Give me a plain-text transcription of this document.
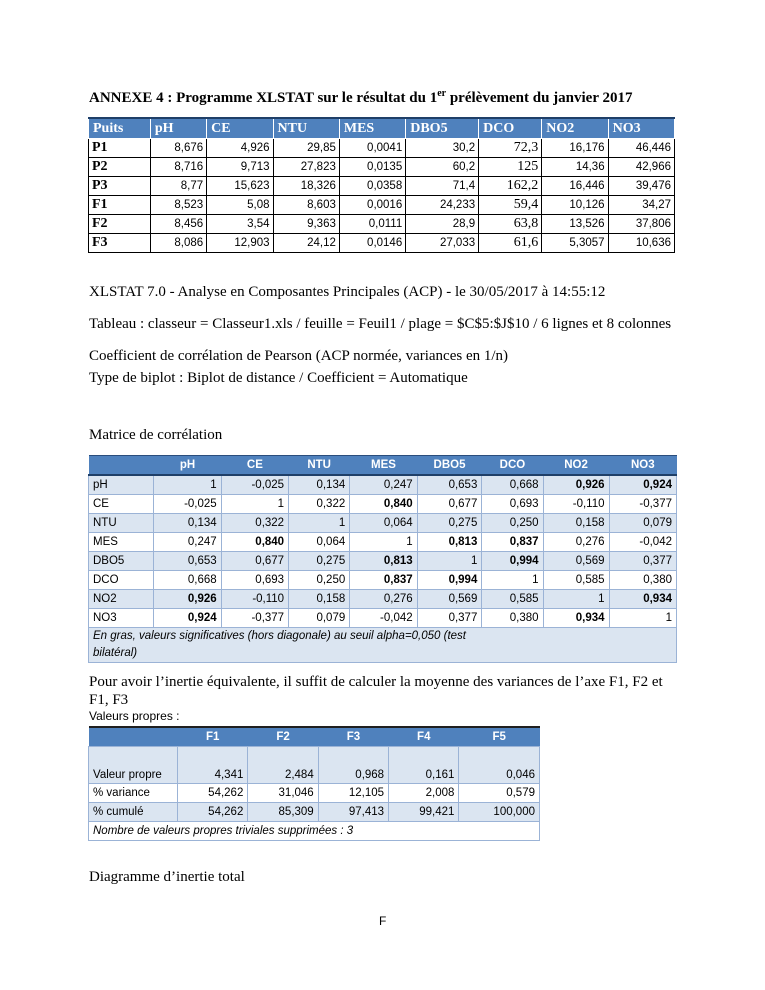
ANNEXE 4 : Programme XLSTAT sur le résultat du 1er prélèvement du janvier 2017
Puits	pH	CE	NTU	MES	DBO5	DCO	NO2	NO3
P1	8,676	4,926	29,85	0,0041	30,2	72,3	16,176	46,446
P2	8,716	9,713	27,823	0,0135	60,2	125	14,36	42,966
P3	8,77	15,623	18,326	0,0358	71,4	162,2	16,446	39,476
F1	8,523	5,08	8,603	0,0016	24,233	59,4	10,126	34,27
F2	8,456	3,54	9,363	0,0111	28,9	63,8	13,526	37,806
F3	8,086	12,903	24,12	0,0146	27,033	61,6	5,3057	10,636
XLSTAT 7.0 - Analyse en Composantes Principales (ACP) - le 30/05/2017 à 14:55:12
Tableau : classeur = Classeur1.xls / feuille = Feuil1 / plage = $C$5:$J$10 / 6 lignes et 8 colonnes
Coefficient de corrélation de Pearson (ACP normée, variances en 1/n)
Type de biplot : Biplot de distance / Coefficient = Automatique
Matrice de corrélation
	pH	CE	NTU	MES	DBO5	DCO	NO2	NO3
pH	1	-0,025	0,134	0,247	0,653	0,668	0,926	0,924
CE	-0,025	1	0,322	0,840	0,677	0,693	-0,110	-0,377
NTU	0,134	0,322	1	0,064	0,275	0,250	0,158	0,079
MES	0,247	0,840	0,064	1	0,813	0,837	0,276	-0,042
DBO5	0,653	0,677	0,275	0,813	1	0,994	0,569	0,377
DCO	0,668	0,693	0,250	0,837	0,994	1	0,585	0,380
NO2	0,926	-0,110	0,158	0,276	0,569	0,585	1	0,934
NO3	0,924	-0,377	0,079	-0,042	0,377	0,380	0,934	1
En gras, valeurs significatives (hors diagonale) au seuil alpha=0,050 (test bilatéral)								
Pour avoir l’inertie équivalente, il suffit de calculer la moyenne des variances de l’axe F1, F2 et
F1, F3
Valeurs propres :
	F1	F2	F3	F4	F5
Valeur propre	4,341	2,484	0,968	0,161	0,046
% variance	54,262	31,046	12,105	2,008	0,579
% cumulé	54,262	85,309	97,413	99,421	100,000
Nombre de valeurs propres triviales supprimées : 3					
Diagramme d’inertie total
F
